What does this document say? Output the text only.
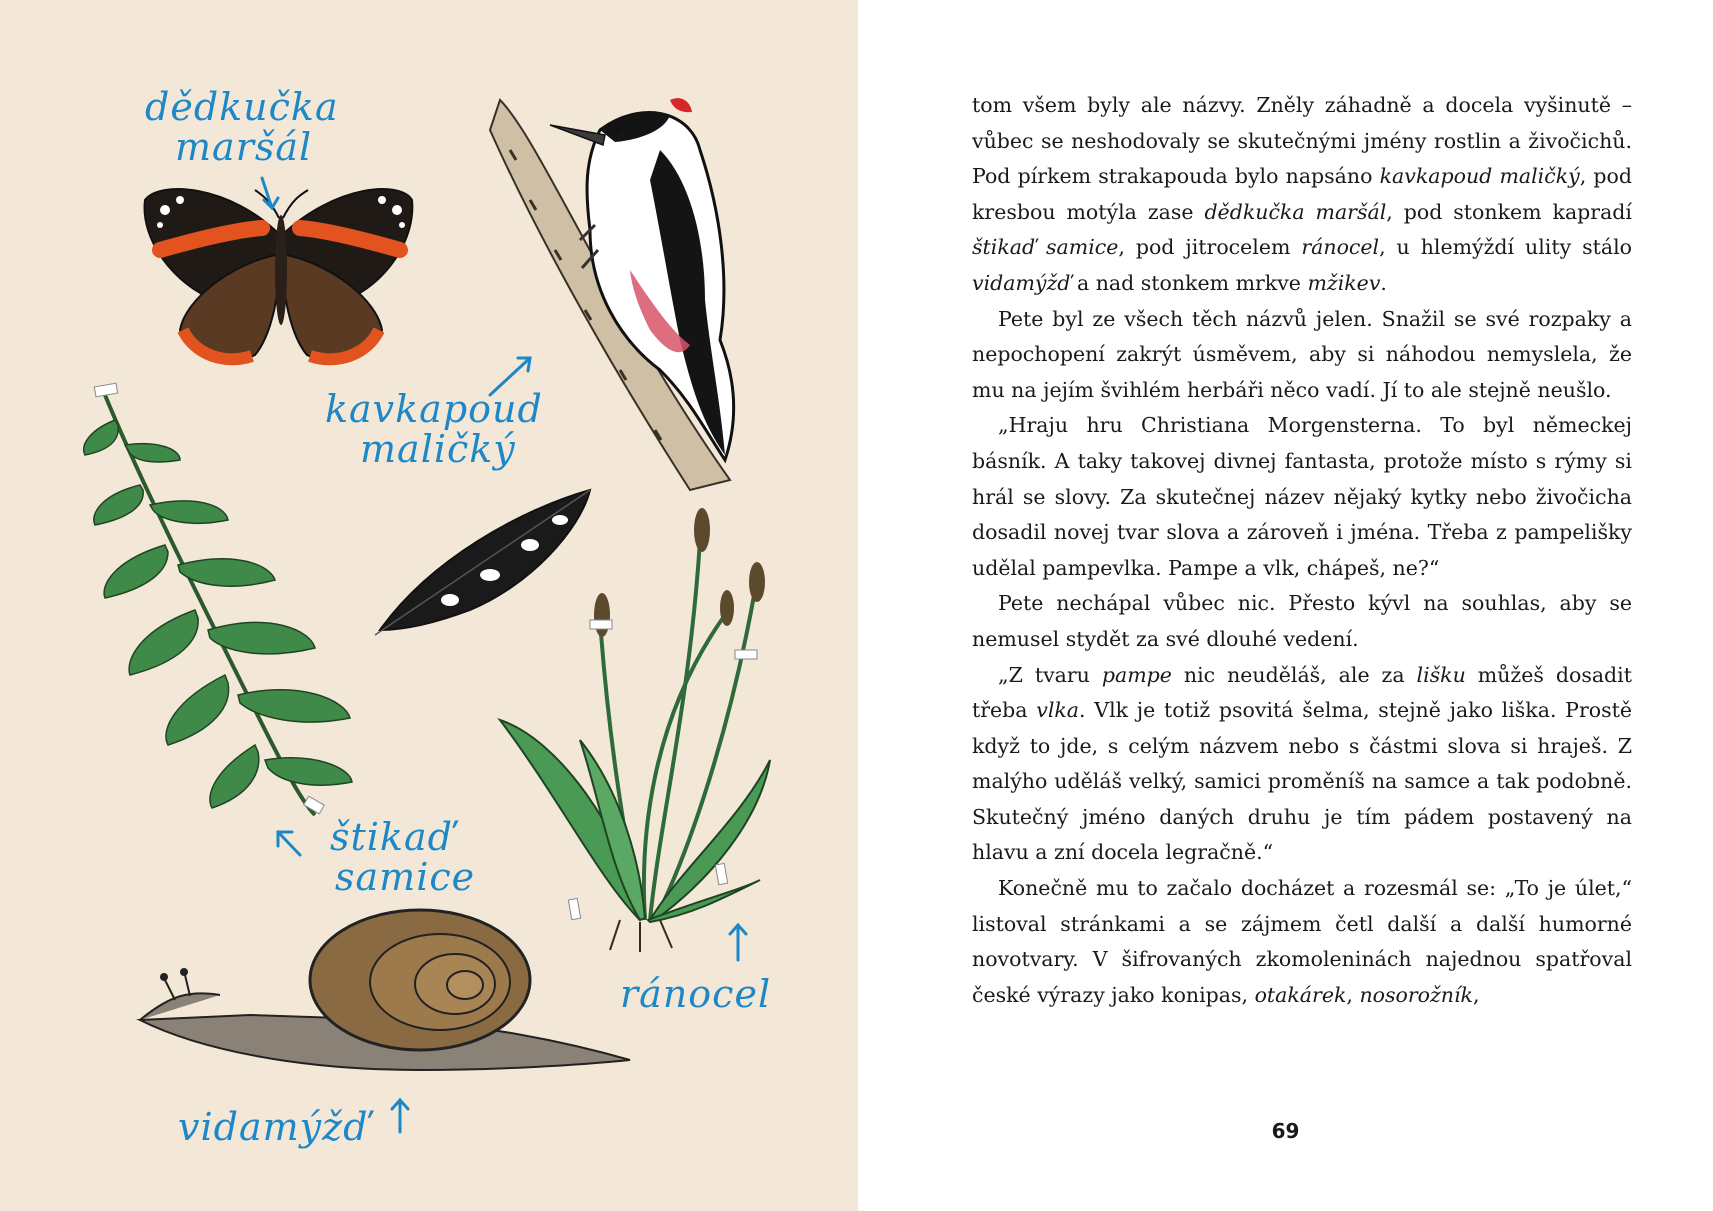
dědkučka
maršál
kavkapoud
maličký
štikaď
samice
ránocel
vidamýžď

tom všem byly ale názvy. Zněly záhadně a docela vyšinutě – vůbec se neshodovaly se skutečnými jmény rostlin a živočichů. Pod pírkem strakapouda bylo napsáno kavkapoud maličký, pod kresbou motýla zase dědkučka maršál, pod stonkem kapradí štikaď samice, pod jitrocelem ránocel, u hlemýždí ulity stálo vidamýžď a nad stonkem mrkve mžikev.

Pete byl ze všech těch názvů jelen. Snažil se své rozpaky a nepochopení zakrýt úsměvem, aby si náhodou nemyslela, že mu na jejím švihlém herbáři něco vadí. Jí to ale stejně neušlo.

„Hraju hru Christiana Morgensterna. To byl německej básník. A taky takovej divnej fantasta, protože místo s rýmy si hrál se slovy. Za skutečnej název nějaký kytky nebo živočicha dosadil novej tvar slova a zároveň i jména. Třeba z pampelišky udělal pampevlka. Pampe a vlk, chápeš, ne?“

Pete nechápal vůbec nic. Přesto kývl na souhlas, aby se nemusel stydět za své dlouhé vedení.

„Z tvaru pampe nic neuděláš, ale za lišku můžeš dosadit třeba vlka. Vlk je totiž psovitá šelma, stejně jako liška. Prostě když to jde, s celým názvem nebo s částmi slova si hraješ. Z malýho uděláš velký, samici proměníš na samce a tak podobně. Skutečný jméno daných druhu je tím pádem postavený na hlavu a zní docela legračně.“

Konečně mu to začalo docházet a rozesmál se: „To je úlet,“ listoval stránkami a se zájmem četl další a další humorné novotvary. V šifrovaných zkomoleninách najednou spatřoval české výrazy jako konipas, otakárek, nosorožník,

69
